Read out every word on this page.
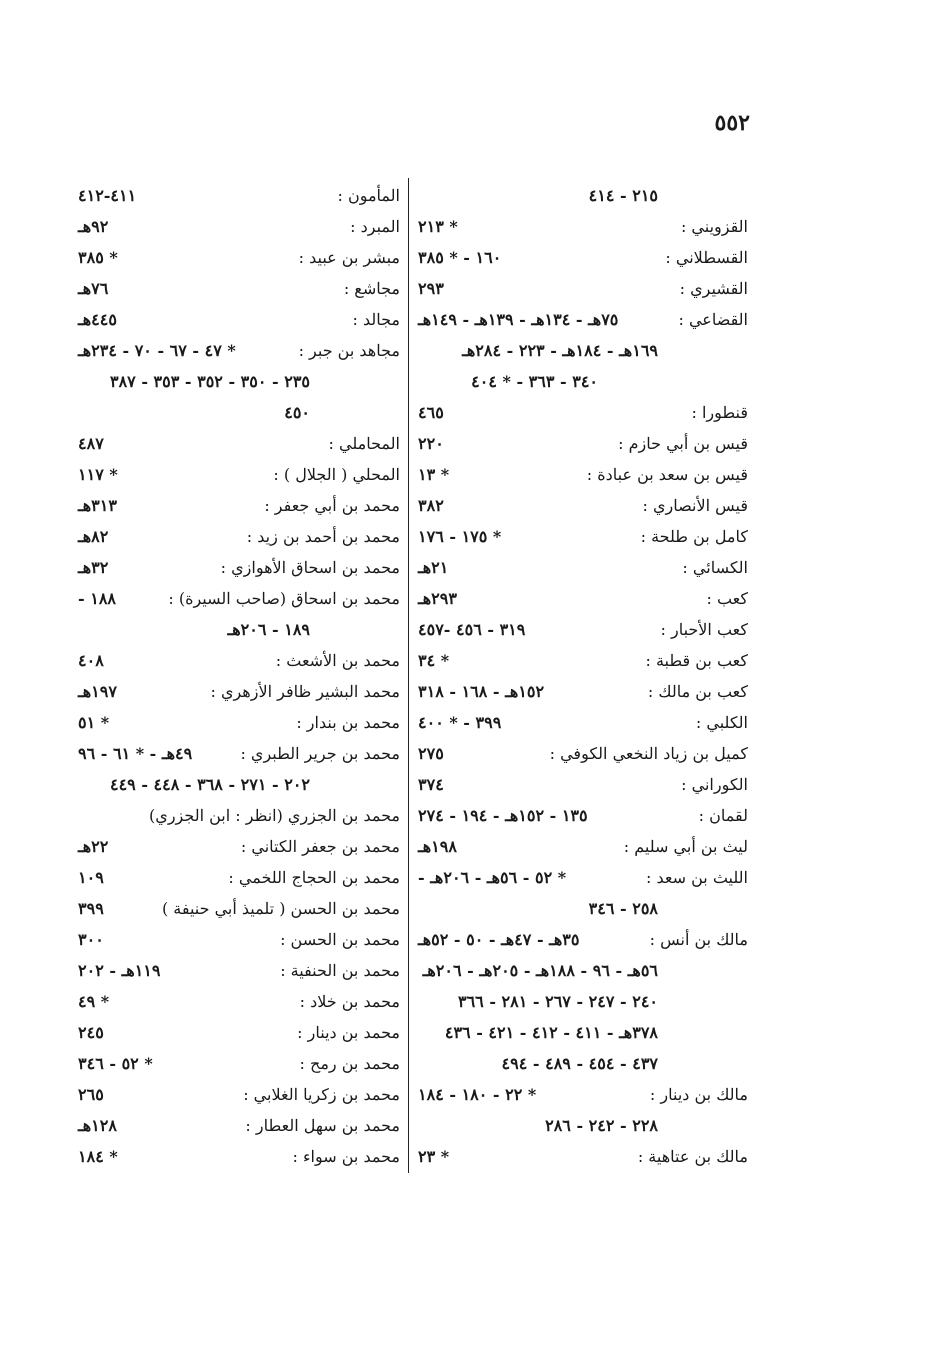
٥٥٢
٢١٥ - ٤١٤
القزويني :
* ٢١٣
القسطلاني :
١٦٠ - * ٣٨٥
القشيري :
٢٩٣
القضاعي :
٧٥هـ - ١٣٤هـ - ١٣٩هـ - ١٤٩هـ
١٦٩هـ - ١٨٤هـ - ٢٢٣ - ٢٨٤هـ
٣٤٠ - ٣٦٣ - * ٤٠٤
قنطورا :
٤٦٥
قيس بن أبي حازم :
٢٢٠
قيس بن سعد بن عبادة :
* ١٣
قيس الأنصاري :
٣٨٢
كامل بن طلحة :
* ١٧٥ - ١٧٦
الكسائي :
٢١هـ
كعب :
٢٩٣هـ
كعب الأحبار :
٣١٩ - ٤٥٦ -٤٥٧
كعب بن قطبة :
* ٣٤
كعب بن مالك :
١٥٢هـ - ١٦٨ - ٣١٨
الكلبي :
٣٩٩ - * ٤٠٠
كميل بن زياد النخعي الكوفي :
٢٧٥
الكوراني :
٣٧٤
لقمان :
١٣٥ - ١٥٢هـ - ١٩٤ - ٢٧٤
ليث بن أبي سليم :
١٩٨هـ
الليث بن سعد :
* ٥٢ - ٥٦هـ - ٢٠٦هـ -
٢٥٨ - ٣٤٦
مالك بن أنس :
٣٥هـ - ٤٧هـ - ٥٠ - ٥٢هـ
٥٦هـ - ٩٦ - ١٨٨هـ - ٢٠٥هـ - ٢٠٦هـ
٢٤٠ - ٢٤٧ - ٢٦٧ - ٢٨١ - ٣٦٦
٣٧٨هـ - ٤١١ - ٤١٢ - ٤٢١ - ٤٣٦
٤٣٧ - ٤٥٤ - ٤٨٩ - ٤٩٤
مالك بن دينار :
* ٢٢ - ١٨٠ - ١٨٤
٢٢٨ - ٢٤٢ - ٢٨٦
مالك بن عتاهية :
* ٢٣
المأمون :
٤١١-٤١٢
المبرد :
٩٢هـ
مبشر بن عبيد :
* ٣٨٥
مجاشع :
٧٦هـ
مجالد :
٤٤٥هـ
مجاهد بن جبر :
* ٤٧ - ٦٧ - ٧٠ - ٢٣٤هـ
٢٣٥ - ٣٥٠ - ٣٥٢ - ٣٥٣ - ٣٨٧
٤٥٠
المحاملي :
٤٨٧
المحلي ( الجلال ) :
* ١١٧
محمد بن أبي جعفر :
٣١٣هـ
محمد بن أحمد بن زيد :
٨٢هـ
محمد بن اسحاق الأهوازي :
٣٢هـ
محمد بن اسحاق (صاحب السيرة) :
١٨٨ -
١٨٩ - ٢٠٦هـ
محمد بن الأشعث :
٤٠٨
محمد البشير ظافر الأزهري :
١٩٧هـ
محمد بن بندار :
* ٥١
محمد بن جرير الطبري :
٤٩هـ - * ٦١ - ٩٦
٢٠٢ - ٢٧١ - ٣٦٨ - ٤٤٨ - ٤٤٩
محمد بن الجزري (انظر : ابن الجزري)
محمد بن جعفر الكتاني :
٢٢هـ
محمد بن الحجاج اللخمي :
١٠٩
محمد بن الحسن ( تلميذ أبي حنيفة )
٣٩٩
محمد بن الحسن :
٣٠٠
محمد بن الحنفية :
١١٩هـ - ٢٠٢
محمد بن خلاد :
* ٤٩
محمد بن دينار :
٢٤٥
محمد بن رمح :
* ٥٢ - ٣٤٦
محمد بن زكريا الغلابي :
٢٦٥
محمد بن سهل العطار :
١٢٨هـ
محمد بن سواء :
* ١٨٤
